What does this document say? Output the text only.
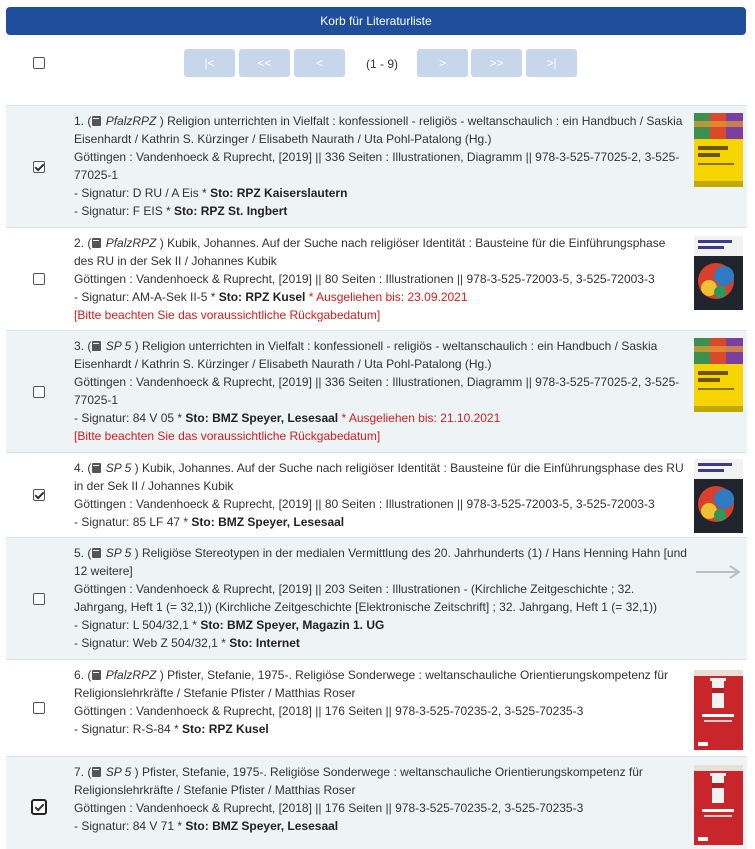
Korb für Literaturliste
|<	<<	<	(1 - 9)	>	>>	>|
1. ( PfalzRPZ ) Religion unterrichten in Vielfalt : konfessionell - religiös - weltanschaulich : ein Handbuch / Saskia Eisenhardt / Kathrin S. Kürzinger / Elisabeth Naurath / Uta Pohl-Patalong (Hg.)
Göttingen : Vandenhoeck & Ruprecht, [2019] || 336 Seiten : Illustrationen, Diagramm || 978-3-525-77025-2, 3-525-77025-1
- Signatur: D RU / A Eis * Sto: RPZ Kaiserslautern
- Signatur: F EIS * Sto: RPZ St. Ingbert
2. ( PfalzRPZ ) Kubik, Johannes. Auf der Suche nach religiöser Identität : Bausteine für die Einführungsphase des RU in der Sek II / Johannes Kubik
Göttingen : Vandenhoeck & Ruprecht, [2019] || 80 Seiten : Illustrationen || 978-3-525-72003-5, 3-525-72003-3
- Signatur: AM-A-Sek II-5 * Sto: RPZ Kusel * Ausgeliehen bis: 23.09.2021
[Bitte beachten Sie das voraussichtliche Rückgabedatum]
3. ( SP 5 ) Religion unterrichten in Vielfalt : konfessionell - religiös - weltanschaulich : ein Handbuch / Saskia Eisenhardt / Kathrin S. Kürzinger / Elisabeth Naurath / Uta Pohl-Patalong (Hg.)
Göttingen : Vandenhoeck & Ruprecht, [2019] || 336 Seiten : Illustrationen, Diagramm || 978-3-525-77025-2, 3-525-77025-1
- Signatur: 84 V 05 * Sto: BMZ Speyer, Lesesaal * Ausgeliehen bis: 21.10.2021
[Bitte beachten Sie das voraussichtliche Rückgabedatum]
4. ( SP 5 ) Kubik, Johannes. Auf der Suche nach religiöser Identität : Bausteine für die Einführungsphase des RU in der Sek II / Johannes Kubik
Göttingen : Vandenhoeck & Ruprecht, [2019] || 80 Seiten : Illustrationen || 978-3-525-72003-5, 3-525-72003-3
- Signatur: 85 LF 47 * Sto: BMZ Speyer, Lesesaal
5. ( SP 5 ) Religiöse Stereotypen in der medialen Vermittlung des 20. Jahrhunderts (1) / Hans Henning Hahn [und 12 weitere]
Göttingen : Vandenhoeck & Ruprecht, [2019] || 203 Seiten : Illustrationen - (Kirchliche Zeitgeschichte ; 32. Jahrgang, Heft 1 (= 32,1)) (Kirchliche Zeitgeschichte [Elektronische Zeitschrift] ; 32. Jahrgang, Heft 1 (= 32,1))
- Signatur: L 504/32,1 * Sto: BMZ Speyer, Magazin 1. UG
- Signatur: Web Z 504/32,1 * Sto: Internet
6. ( PfalzRPZ ) Pfister, Stefanie, 1975-. Religiöse Sonderwege : weltanschauliche Orientierungskompetenz für Religionslehrkräfte / Stefanie Pfister / Matthias Roser
Göttingen : Vandenhoeck & Ruprecht, [2018] || 176 Seiten || 978-3-525-70235-2, 3-525-70235-3
- Signatur: R-S-84 * Sto: RPZ Kusel
7. ( SP 5 ) Pfister, Stefanie, 1975-. Religiöse Sonderwege : weltanschauliche Orientierungskompetenz für Religionslehrkräfte / Stefanie Pfister / Matthias Roser
Göttingen : Vandenhoeck & Ruprecht, [2018] || 176 Seiten || 978-3-525-70235-2, 3-525-70235-3
- Signatur: 84 V 71 * Sto: BMZ Speyer, Lesesaal
